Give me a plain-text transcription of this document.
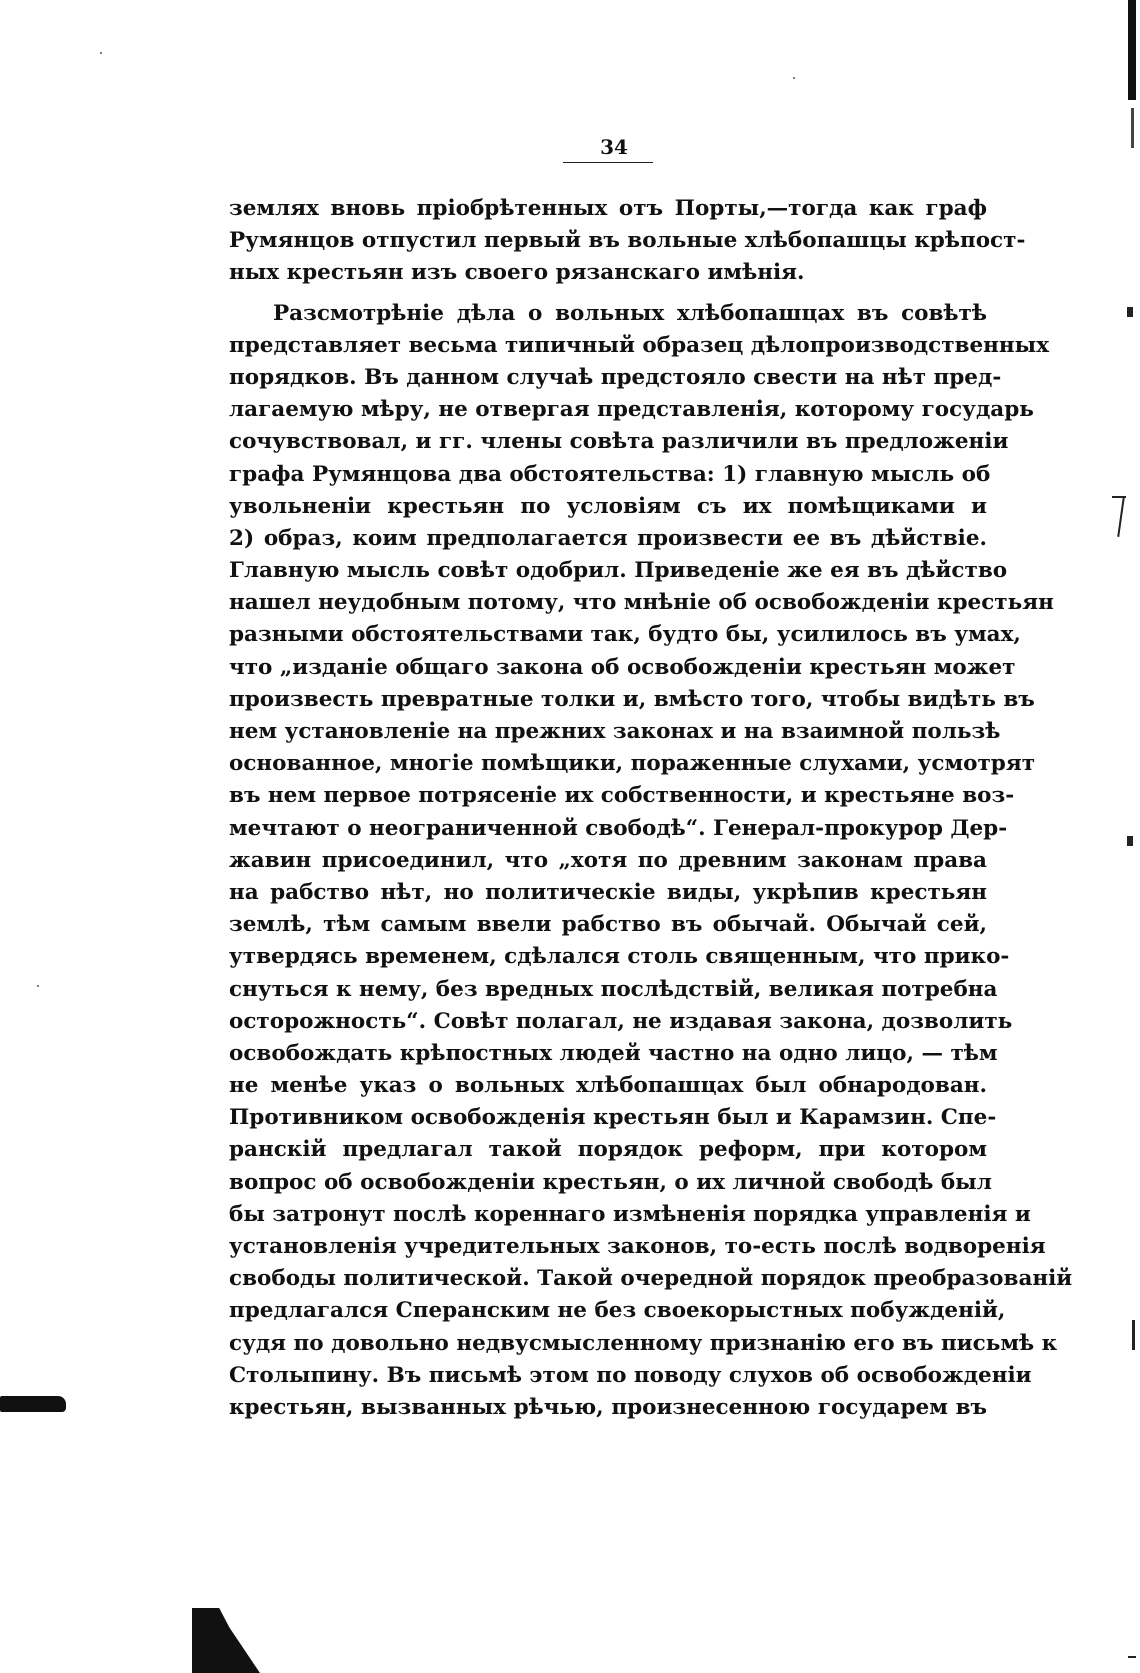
34
землях вновь пріобрѣтенных отъ Порты,—тогда как граф
Румянцов отпустил первый въ вольные хлѣбопашцы крѣпост-
ных крестьян изъ своего рязанскаго имѣнія.
Разсмотрѣніе дѣла о вольных хлѣбопашцах въ совѣтѣ
представляет весьма типичный образец дѣлопроизводственных
порядков. Въ данном случаѣ предстояло свести на нѣт пред-
лагаемую мѣру, не отвергая представленія, которому государь
сочувствовал, и гг. члены совѣта различили въ предложеніи
графа Румянцова два обстоятельства: 1) главную мысль об
увольненіи крестьян по условіям съ их помѣщиками и
2) образ, коим предполагается произвести ее въ дѣйствіе.
Главную мысль совѣт одобрил. Приведеніе же ея въ дѣйство
нашел неудобным потому, что мнѣніе об освобожденіи крестьян
разными обстоятельствами так, будто бы, усилилось въ умах,
что „изданіе общаго закона об освобожденіи крестьян может
произвесть превратные толки и, вмѣсто того, чтобы видѣть въ
нем установленіе на прежних законах и на взаимной пользѣ
основанное, многіе помѣщики, пораженные слухами, усмотрят
въ нем первое потрясеніе их собственности, и крестьяне воз-
мечтают о неограниченной свободѣ“. Генерал-прокурор Дер-
жавин присоединил, что „хотя по древним законам права
на рабство нѣт, но политическіе виды, укрѣпив крестьян
землѣ, тѣм самым ввели рабство въ обычай. Обычай сей,
утвердясь временем, сдѣлался столь священным, что прико-
снуться к нему, без вредных послѣдствій, великая потребна
осторожность“. Совѣт полагал, не издавая закона, дозволить
освобождать крѣпостных людей частно на одно лицо, — тѣм
не менѣе указ о вольных хлѣбопашцах был обнародован.
Противником освобожденія крестьян был и Карамзин. Спе-
ранскій предлагал такой порядок реформ, при котором
вопрос об освобожденіи крестьян, о их личной свободѣ был
бы затронут послѣ кореннаго измѣненія порядка управленія и
установленія учредительных законов, то-есть послѣ водворенія
свободы политической. Такой очередной порядок преобразованій
предлагался Сперанским не без своекорыстных побужденій,
судя по довольно недвусмысленному признанію его въ письмѣ к
Столыпину. Въ письмѣ этом по поводу слухов об освобожденіи
крестьян, вызванных рѣчью, произнесенною государем въ
